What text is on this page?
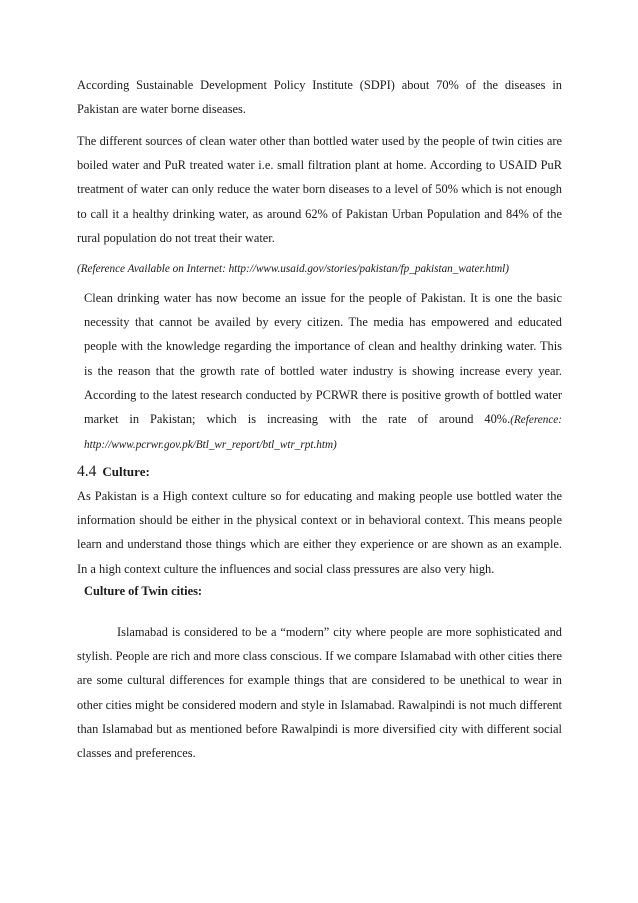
According Sustainable Development Policy Institute (SDPI) about 70% of the diseases in Pakistan are water borne diseases.

The different sources of clean water other than bottled water used by the people of twin cities are boiled water and PuR treated water i.e. small filtration plant at home. According to USAID PuR treatment of water can only reduce the water born diseases to a level of 50% which is not enough to call it a healthy drinking water, as around 62% of Pakistan Urban Population and 84% of the rural population do not treat their water.

(Reference Available on Internet: http://www.usaid.gov/stories/pakistan/fp_pakistan_water.html)

Clean drinking water has now become an issue for the people of Pakistan. It is one the basic necessity that cannot be availed by every citizen. The media has empowered and educated people with the knowledge regarding the importance of clean and healthy drinking water. This is the reason that the growth rate of bottled water industry is showing increase every year. According to the latest research conducted by PCRWR there is positive growth of bottled water market in Pakistan; which is increasing with the rate of around 40%.(Reference: http://www.pcrwr.gov.pk/Btl_wr_report/btl_wtr_rpt.htm)

4.4 Culture:

As Pakistan is a High context culture so for educating and making people use bottled water the information should be either in the physical context or in behavioral context. This means people learn and understand those things which are either they experience or are shown as an example. In a high context culture the influences and social class pressures are also very high.

Culture of Twin cities:

Islamabad is considered to be a “modern” city where people are more sophisticated and stylish. People are rich and more class conscious. If we compare Islamabad with other cities there are some cultural differences for example things that are considered to be unethical to wear in other cities might be considered modern and style in Islamabad. Rawalpindi is not much different than Islamabad but as mentioned before Rawalpindi is more diversified city with different social classes and preferences.
